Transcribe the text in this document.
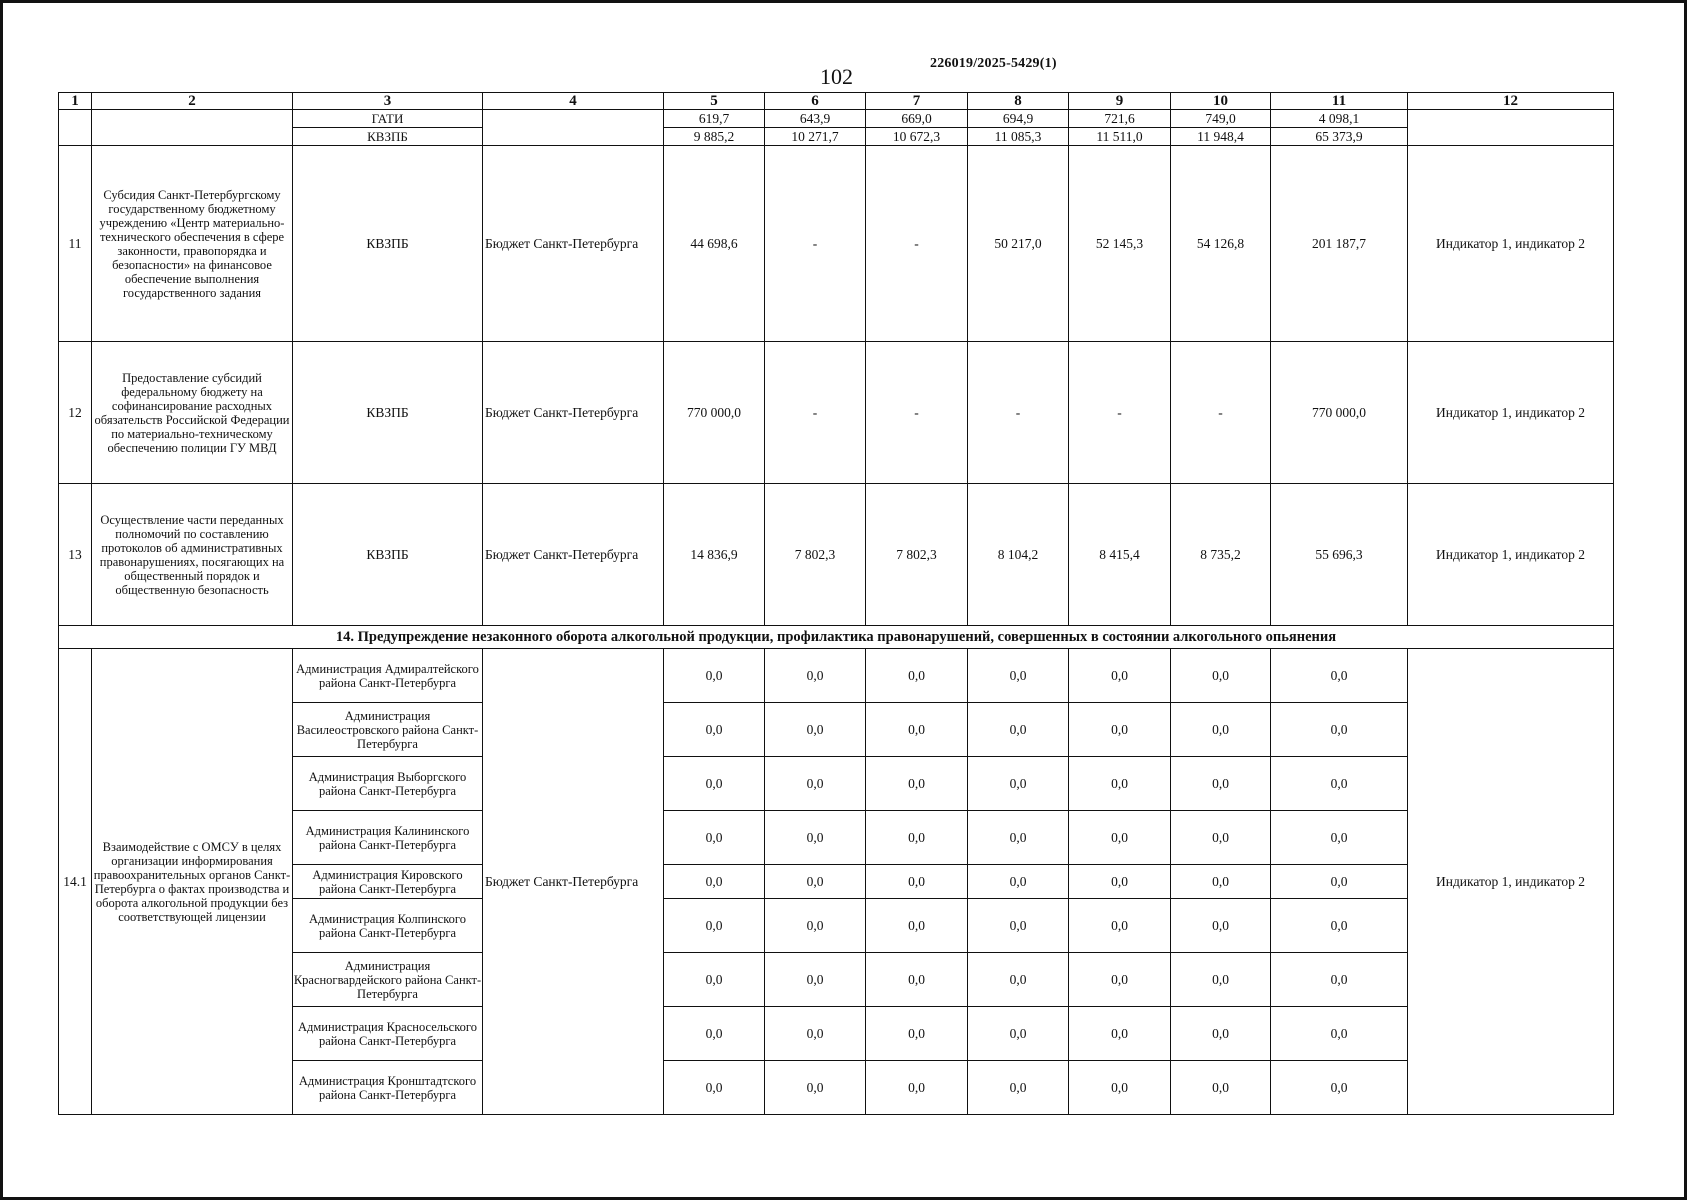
226019/2025-5429(1)
102
1	2	3	4	5	6	7	8	9	10	11	12
		ГАТИ		619,7	643,9	669,0	694,9	721,6	749,0	4 098,1	
		КВЗПБ		9 885,2	10 271,7	10 672,3	11 085,3	11 511,0	11 948,4	65 373,9	
11	Субсидия Санкт-Петербургскому государственному бюджетному учреждению «Центр материально-технического обеспечения в сфере законности, правопорядка и безопасности» на финансовое обеспечение выполнения государственного задания	КВЗПБ	Бюджет Санкт-Петербурга	44 698,6	-	-	50 217,0	52 145,3	54 126,8	201 187,7	Индикатор 1, индикатор 2
12	Предоставление субсидий федеральному бюджету на софинансирование расходных обязательств Российской Федерации по материально-техническому обеспечению полиции ГУ МВД	КВЗПБ	Бюджет Санкт-Петербурга	770 000,0	-	-	-	-	-	770 000,0	Индикатор 1, индикатор 2
13	Осуществление части переданных полномочий по составлению протоколов об административных правонарушениях, посягающих на общественный порядок и общественную безопасность	КВЗПБ	Бюджет Санкт-Петербурга	14 836,9	7 802,3	7 802,3	8 104,2	8 415,4	8 735,2	55 696,3	Индикатор 1, индикатор 2
14. Предупреждение незаконного оборота алкогольной продукции, профилактика правонарушений, совершенных в состоянии алкогольного опьянения											
14.1	Взаимодействие с ОМСУ в целях организации информирования правоохранительных органов Санкт-Петербурга о фактах производства и оборота алкогольной продукции без соответствующей лицензии	Администрация Адмиралтейского района Санкт-Петербурга	Бюджет Санкт-Петербурга	0,0	0,0	0,0	0,0	0,0	0,0	0,0	Индикатор 1, индикатор 2
		Администрация Василеостровского района Санкт-Петербурга		0,0	0,0	0,0	0,0	0,0	0,0	0,0	
		Администрация Выборгского района Санкт-Петербурга		0,0	0,0	0,0	0,0	0,0	0,0	0,0	
		Администрация Калининского района Санкт-Петербурга		0,0	0,0	0,0	0,0	0,0	0,0	0,0	
		Администрация Кировского района Санкт-Петербурга		0,0	0,0	0,0	0,0	0,0	0,0	0,0	
		Администрация Колпинского района Санкт-Петербурга		0,0	0,0	0,0	0,0	0,0	0,0	0,0	
		Администрация Красногвардейского района Санкт-Петербурга		0,0	0,0	0,0	0,0	0,0	0,0	0,0	
		Администрация Красносельского района Санкт-Петербурга		0,0	0,0	0,0	0,0	0,0	0,0	0,0	
		Администрация Кронштадтского района Санкт-Петербурга		0,0	0,0	0,0	0,0	0,0	0,0	0,0	
